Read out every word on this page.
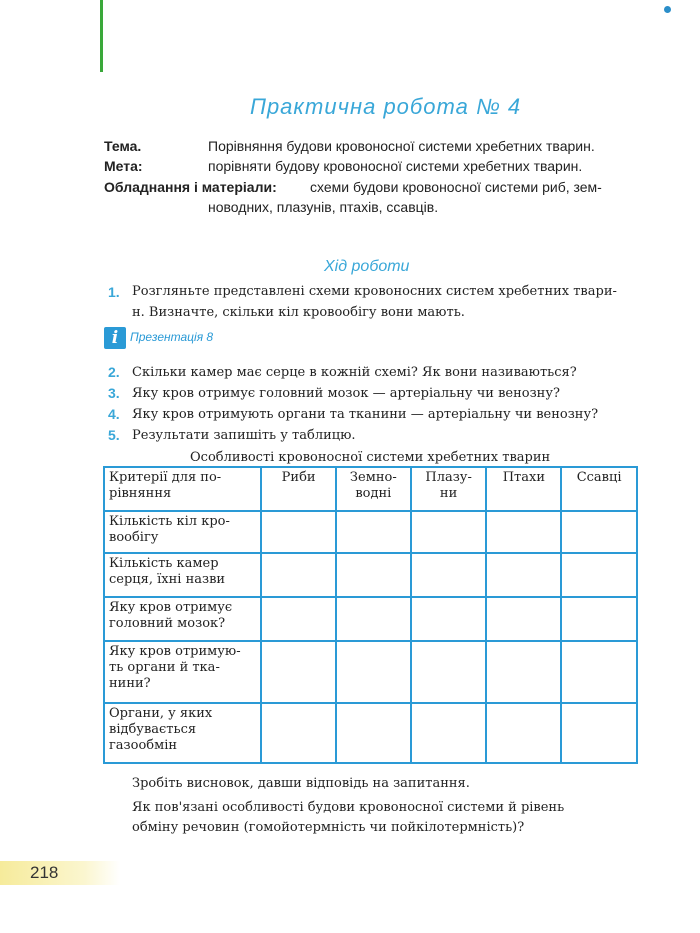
Практична робота № 4
Тема.	Порівняння будови кровоносної системи хребетних тварин.
Мета:	порівняти будову кровоносної системи хребетних тварин.
Обладнання і матеріали: схеми будови кровоносної системи риб, зем-
новодних, плазунів, птахів, ссавців.
Хід роботи
1. Розгляньте представлені схеми кровоносних систем хребетних твари-
н. Визначте, скільки кіл кровообігу вони мають.
i Презентація 8
2. Скільки камер має серце в кожній схемі? Як вони називаються?
3. Яку кров отримує головний мозок — артеріальну чи венозну?
4. Яку кров отримують органи та тканини — артеріальну чи венозну?
5. Результати запишіть у таблицю.
Особливості кровоносної системи хребетних тварин
Критерії для по- рівняння	Риби	Земно- водні	Плазу- ни	Птахи	Ссавці
Кількість кіл кро- вообігу					
Кількість камер серця, їхні назви					
Яку кров отримує головний мозок?					
Яку кров отримую- ть органи й тка- нини?					
Органи, у яких відбувається газообмін					
Зробіть висновок, давши відповідь на запитання.
Як пов'язані особливості будови кровоносної системи й рівень
обміну речовин (гомойотермність чи пойкілотермність)?
218
